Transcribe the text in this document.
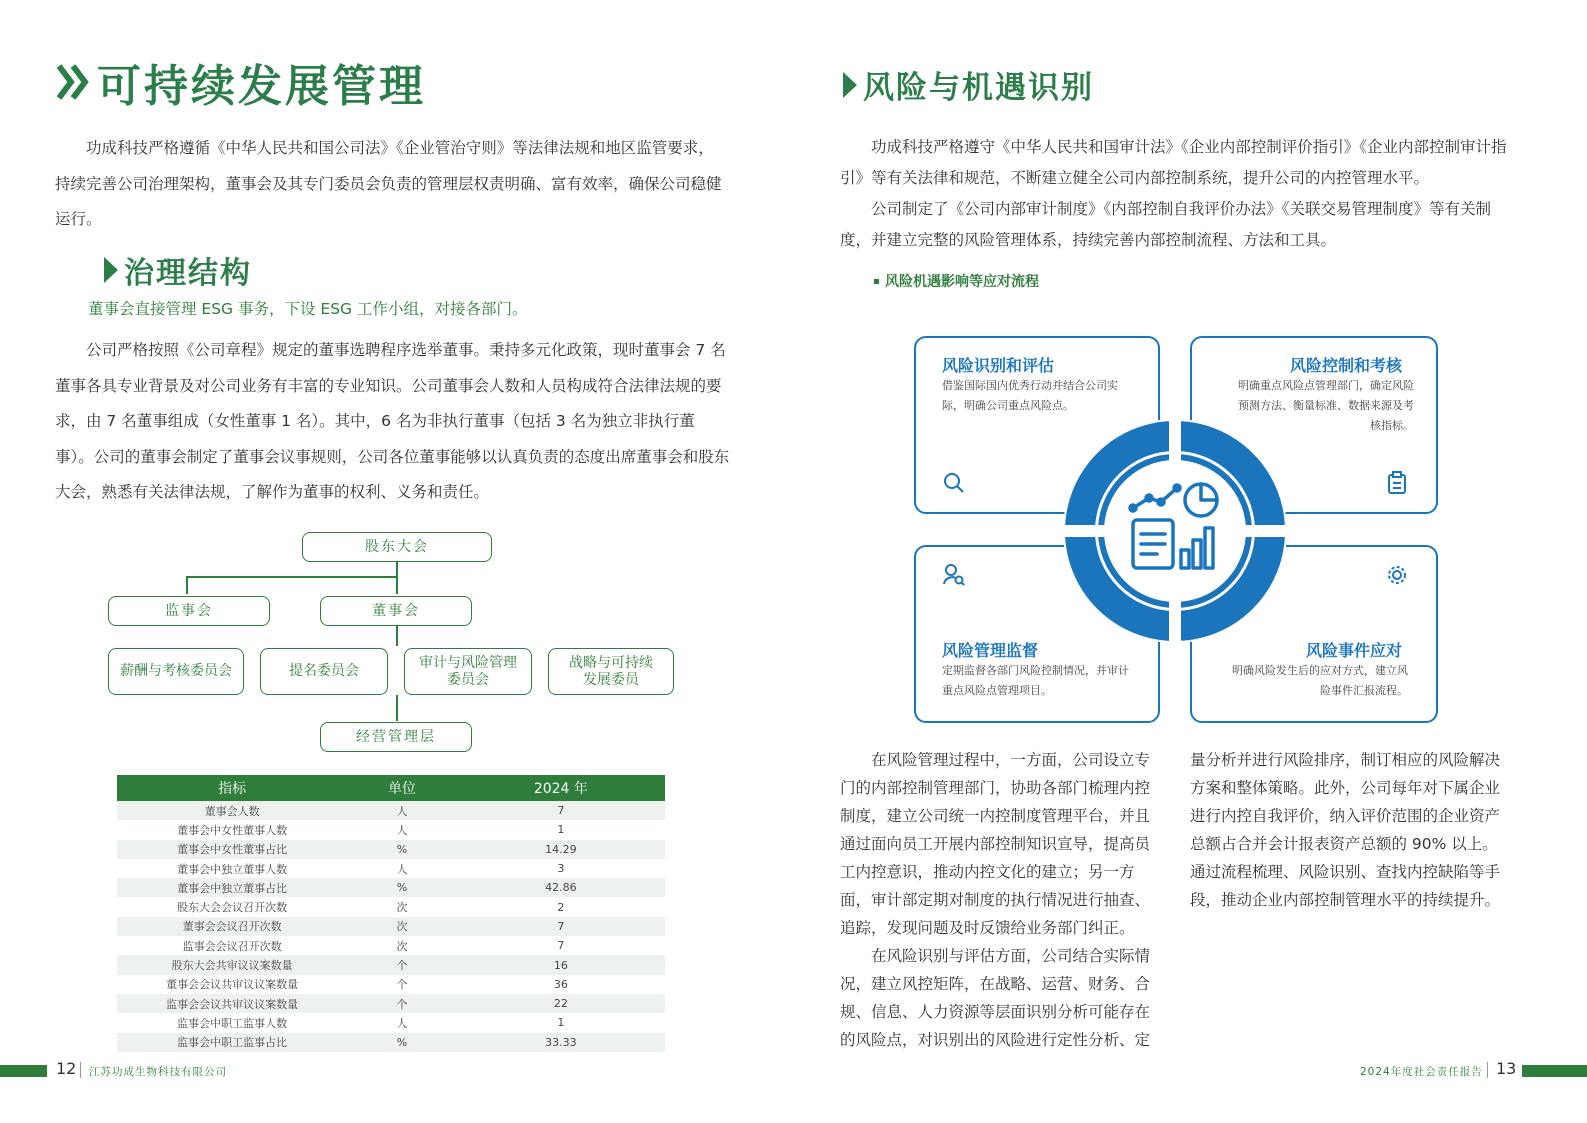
可持续发展管理

功成科技严格遵循《中华人民共和国公司法》《企业管治守则》等法律法规和地区监管要求，持续完善公司治理架构，董事会及其专门委员会负责的管理层权责明确、富有效率，确保公司稳健运行。

治理结构
董事会直接管理 ESG 事务，下设 ESG 工作小组，对接各部门。

公司严格按照《公司章程》规定的董事选聘程序选举董事。秉持多元化政策，现时董事会 7 名董事各具专业背景及对公司业务有丰富的专业知识。公司董事会人数和人员构成符合法律法规的要求，由 7 名董事组成（女性董事 1 名）。其中，6 名为非执行董事（包括 3 名为独立非执行董事）。公司的董事会制定了董事会议事规则，公司各位董事能够以认真负责的态度出席董事会和股东大会，熟悉有关法律法规，了解作为董事的权利、义务和责任。

股东大会
监事会	董事会
薪酬与考核委员会	提名委员会
审计与风险管理委员会
战略与可持续发展委员
经营管理层
指标	单位	2024 年
董事会人数	人	7
董事会中女性董事人数	人	1
董事会中女性董事占比	%	14.29
董事会中独立董事人数	人	3
董事会中独立董事占比	%	42.86
股东大会会议召开次数	次	2
董事会会议召开次数	次	7
监事会会议召开次数	次	7
股东大会共审议议案数量	个	16
董事会会议共审议议案数量	个	36
监事会会议共审议议案数量	个	22
监事会中职工监事人数	人	1
监事会中职工监事占比	%	33.33
12 江苏功成生物科技有限公司
风险与机遇识别

功成科技严格遵守《中华人民共和国审计法》《企业内部控制评价指引》《企业内部控制审计指引》等有关法律和规范，不断建立健全公司内部控制系统，提升公司的内控管理水平。

公司制定了《公司内部审计制度》《内部控制自我评价办法》《关联交易管理制度》等有关制度，并建立完整的风险管理体系，持续完善内部控制流程、方法和工具。

风险机遇影响等应对流程
风险识别和评估
借鉴国际国内优秀行动并结合公司实际，明确公司重点风险点。
风险控制和考核
明确重点风险点管理部门，确定风险预测方法、衡量标准、数据来源及考核指标。
风险管理监督
定期监督各部门风险控制情况，并审计重点风险点管理项目。
风险事件应对
明确风险发生后的应对方式，建立风险事件汇报流程。

在风险管理过程中，一方面，公司设立专门的内部控制管理部门，协助各部门梳理内控制度，建立公司统一内控制度管理平台，并且通过面向员工开展内部控制知识宣导，提高员工内控意识，推动内控文化的建立；另一方面，审计部定期对制度的执行情况进行抽查、追踪，发现问题及时反馈给业务部门纠正。

在风险识别与评估方面，公司结合实际情况，建立风控矩阵，在战略、运营、财务、合规、信息、人力资源等层面识别分析可能存在的风险点，对识别出的风险进行定性分析、定

量分析并进行风险排序，制订相应的风险解决方案和整体策略。此外，公司每年对下属企业进行内控自我评价，纳入评价范围的企业资产总额占合并会计报表资产总额的 90% 以上。通过流程梳理、风险识别、查找内控缺陷等手段，推动企业内部控制管理水平的持续提升。

2024年度社会责任报告 13
